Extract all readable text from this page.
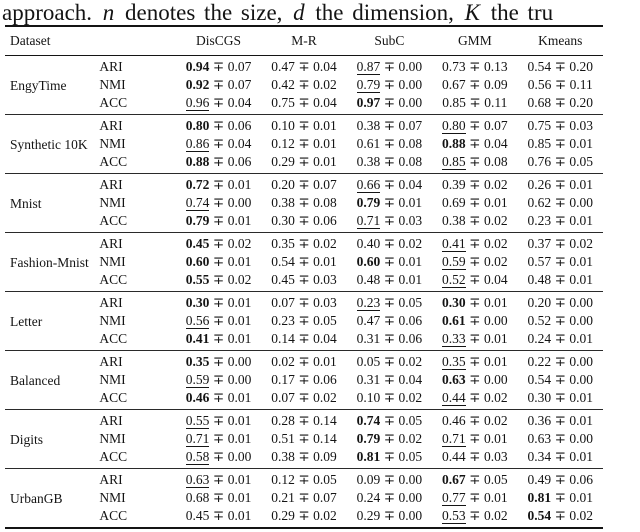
approach. n denotes the size, d the dimension, K the tru
Dataset		DisCGS	M-R	SubC	GMM	Kmeans
EngyTime	ARI	0.94 ∓ 0.07	0.47 ∓ 0.04	0.87 ∓ 0.00	0.73 ∓ 0.13	0.54 ∓ 0.20
	NMI	0.92 ∓ 0.07	0.42 ∓ 0.02	0.79 ∓ 0.00	0.67 ∓ 0.09	0.56 ∓ 0.11
	ACC	0.96 ∓ 0.04	0.75 ∓ 0.04	0.97 ∓ 0.00	0.85 ∓ 0.11	0.68 ∓ 0.20
Synthetic 10K	ARI	0.80 ∓ 0.06	0.10 ∓ 0.01	0.38 ∓ 0.07	0.80 ∓ 0.07	0.75 ∓ 0.03
	NMI	0.86 ∓ 0.04	0.12 ∓ 0.01	0.61 ∓ 0.08	0.88 ∓ 0.04	0.85 ∓ 0.01
	ACC	0.88 ∓ 0.06	0.29 ∓ 0.01	0.38 ∓ 0.08	0.85 ∓ 0.08	0.76 ∓ 0.05
Mnist	ARI	0.72 ∓ 0.01	0.20 ∓ 0.07	0.66 ∓ 0.04	0.39 ∓ 0.02	0.26 ∓ 0.01
	NMI	0.74 ∓ 0.00	0.38 ∓ 0.08	0.79 ∓ 0.01	0.69 ∓ 0.01	0.62 ∓ 0.00
	ACC	0.79 ∓ 0.01	0.30 ∓ 0.06	0.71 ∓ 0.03	0.38 ∓ 0.02	0.23 ∓ 0.01
Fashion-Mnist	ARI	0.45 ∓ 0.02	0.35 ∓ 0.02	0.40 ∓ 0.02	0.41 ∓ 0.02	0.37 ∓ 0.02
	NMI	0.60 ∓ 0.01	0.54 ∓ 0.01	0.60 ∓ 0.01	0.59 ∓ 0.02	0.57 ∓ 0.01
	ACC	0.55 ∓ 0.02	0.45 ∓ 0.03	0.48 ∓ 0.01	0.52 ∓ 0.04	0.48 ∓ 0.01
Letter	ARI	0.30 ∓ 0.01	0.07 ∓ 0.03	0.23 ∓ 0.05	0.30 ∓ 0.01	0.20 ∓ 0.00
	NMI	0.56 ∓ 0.01	0.23 ∓ 0.05	0.47 ∓ 0.06	0.61 ∓ 0.00	0.52 ∓ 0.00
	ACC	0.41 ∓ 0.01	0.14 ∓ 0.04	0.31 ∓ 0.06	0.33 ∓ 0.01	0.24 ∓ 0.01
Balanced	ARI	0.35 ∓ 0.00	0.02 ∓ 0.01	0.05 ∓ 0.02	0.35 ∓ 0.01	0.22 ∓ 0.00
	NMI	0.59 ∓ 0.00	0.17 ∓ 0.06	0.31 ∓ 0.04	0.63 ∓ 0.00	0.54 ∓ 0.00
	ACC	0.46 ∓ 0.01	0.07 ∓ 0.02	0.10 ∓ 0.02	0.44 ∓ 0.02	0.30 ∓ 0.01
Digits	ARI	0.55 ∓ 0.01	0.28 ∓ 0.14	0.74 ∓ 0.05	0.46 ∓ 0.02	0.36 ∓ 0.01
	NMI	0.71 ∓ 0.01	0.51 ∓ 0.14	0.79 ∓ 0.02	0.71 ∓ 0.01	0.63 ∓ 0.00
	ACC	0.58 ∓ 0.00	0.38 ∓ 0.09	0.81 ∓ 0.05	0.44 ∓ 0.03	0.34 ∓ 0.01
UrbanGB	ARI	0.63 ∓ 0.01	0.12 ∓ 0.05	0.09 ∓ 0.00	0.67 ∓ 0.05	0.49 ∓ 0.06
	NMI	0.68 ∓ 0.01	0.21 ∓ 0.07	0.24 ∓ 0.00	0.77 ∓ 0.01	0.81 ∓ 0.01
	ACC	0.45 ∓ 0.01	0.29 ∓ 0.02	0.29 ∓ 0.00	0.53 ∓ 0.02	0.54 ∓ 0.02
